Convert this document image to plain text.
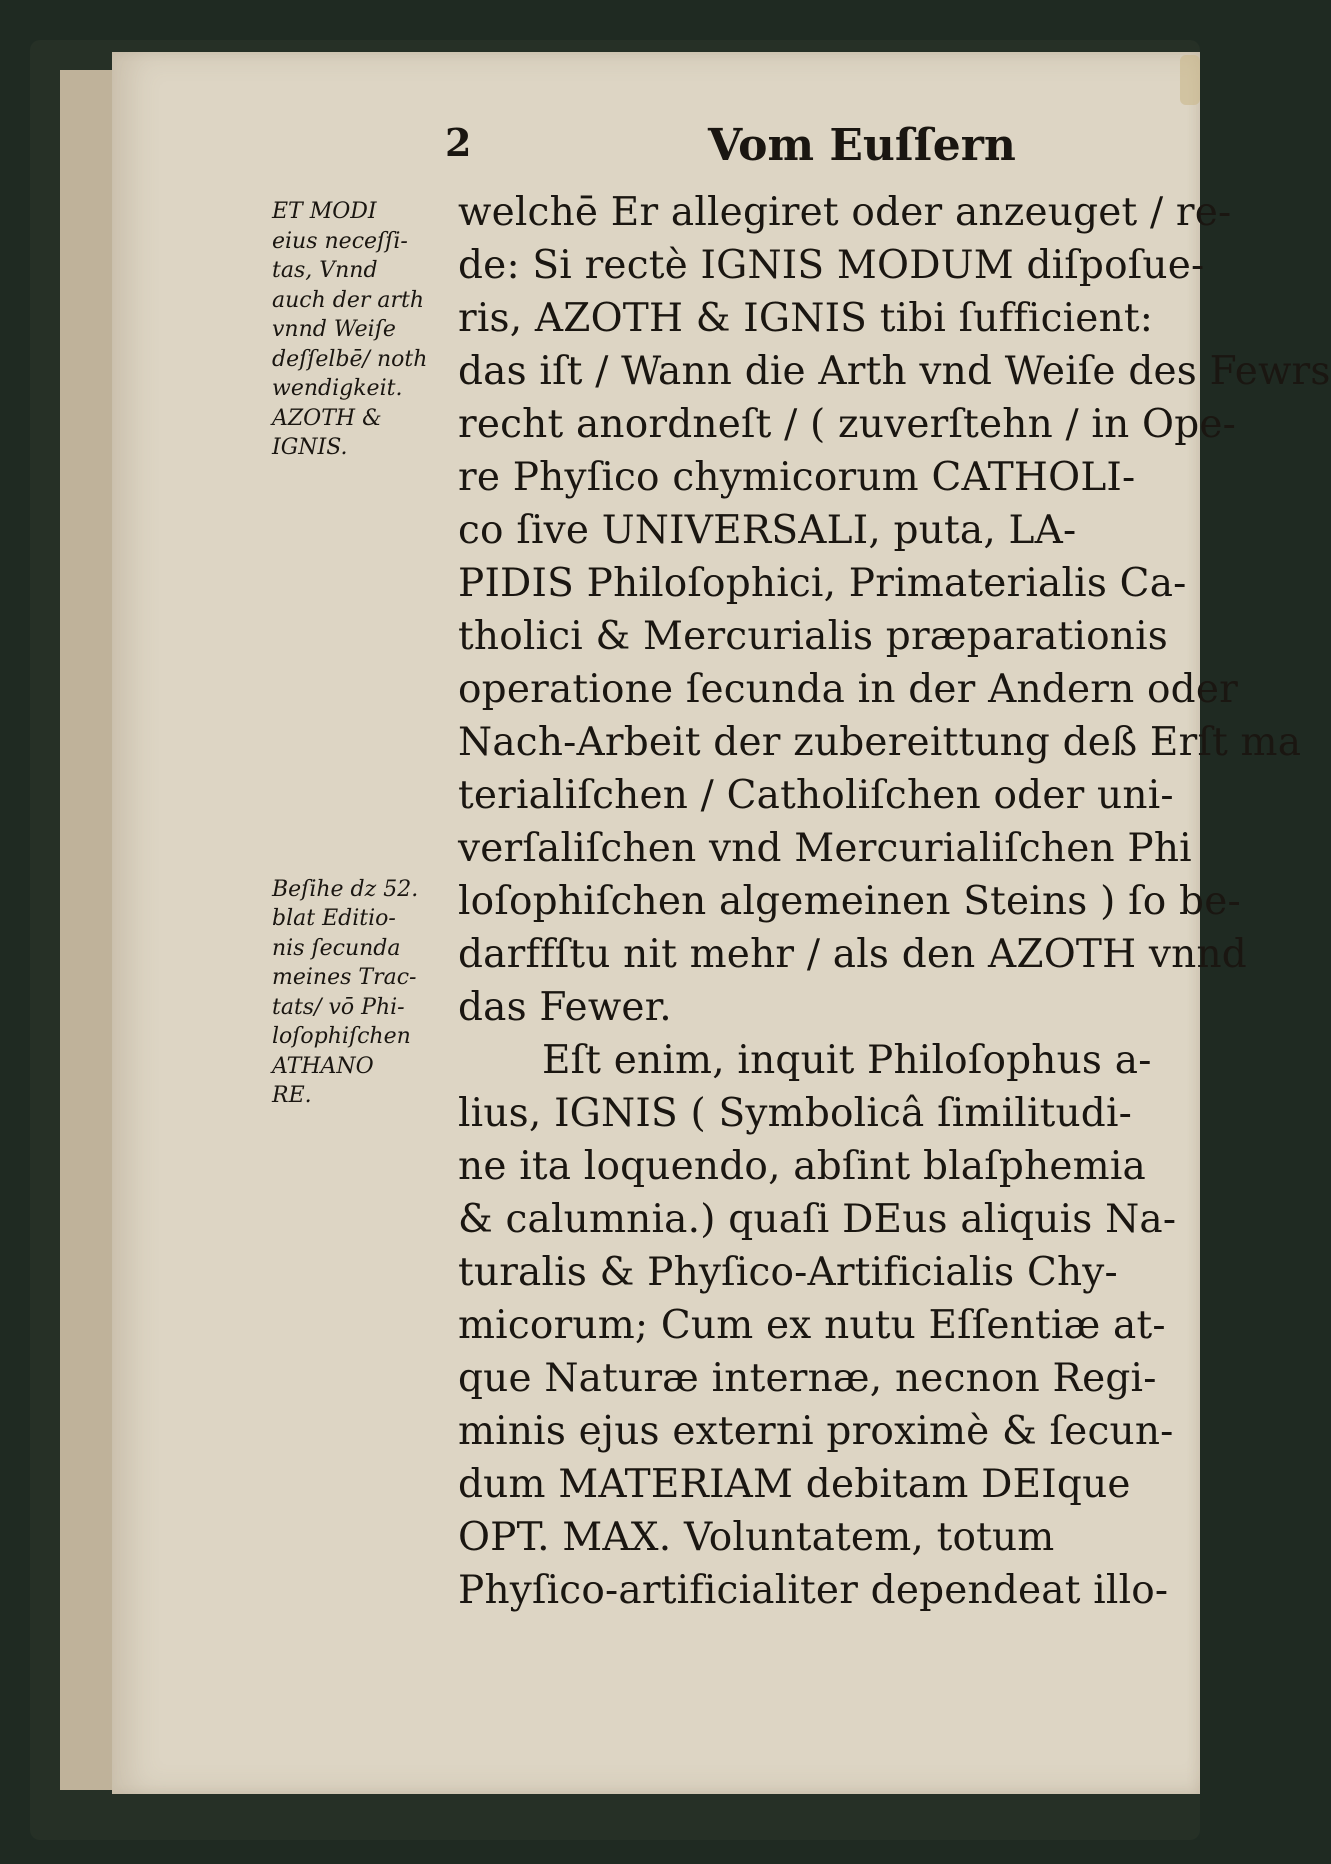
2	Vom Euſſern
ET MODI
eius neceſſi-
tas, Vnnd
auch der arth
vnnd Weiſe
deſſelbē/ noth
wendigkeit.
AZOTH &
IGNIS.
Beſihe dz 52.
blat Editio-
nis ſecunda
meines Trac-
tats/ vō Phi-
loſophiſchen
ATHANO
RE.
welchē Er allegiret oder anzeuget / re-
de: Si rectè IGNIS MODUM diſpoſue-
ris, AZOTH & IGNIS tibi ſufficient:
das iſt / Wann die Arth vnd Weiſe des Fewrs
recht anordneſt / ( zuverſtehn / in Ope-
re Phyſico chymicorum CATHOLI-
co ſive UNIVERSALI, puta, LA-
PIDIS Philoſophici, Primaterialis Ca-
tholici & Mercurialis præparationis
operatione ſecunda in der Andern oder
Nach-Arbeit der zubereittung deß Erſt ma
terialiſchen / Catholiſchen oder uni-
verſaliſchen vnd Mercurialiſchen Phi
loſophiſchen algemeinen Steins ) ſo be-
darffſtu nit mehr / als den AZOTH vnnd
das Fewer.
Eſt enim, inquit Philoſophus a-
lius, IGNIS ( Symbolicâ ſimilitudi-
ne ita loquendo, abſint blaſphemia
& calumnia.) quaſi DEus aliquis Na-
turalis & Phyſico-Artificialis Chy-
micorum; Cum ex nutu Eſſentiæ at-
que Naturæ internæ, necnon Regi-
minis ejus externi proximè & ſecun-
dum MATERIAM debitam DEIque
OPT. MAX. Voluntatem, totum
Phyſico-artificialiter dependeat illo-
